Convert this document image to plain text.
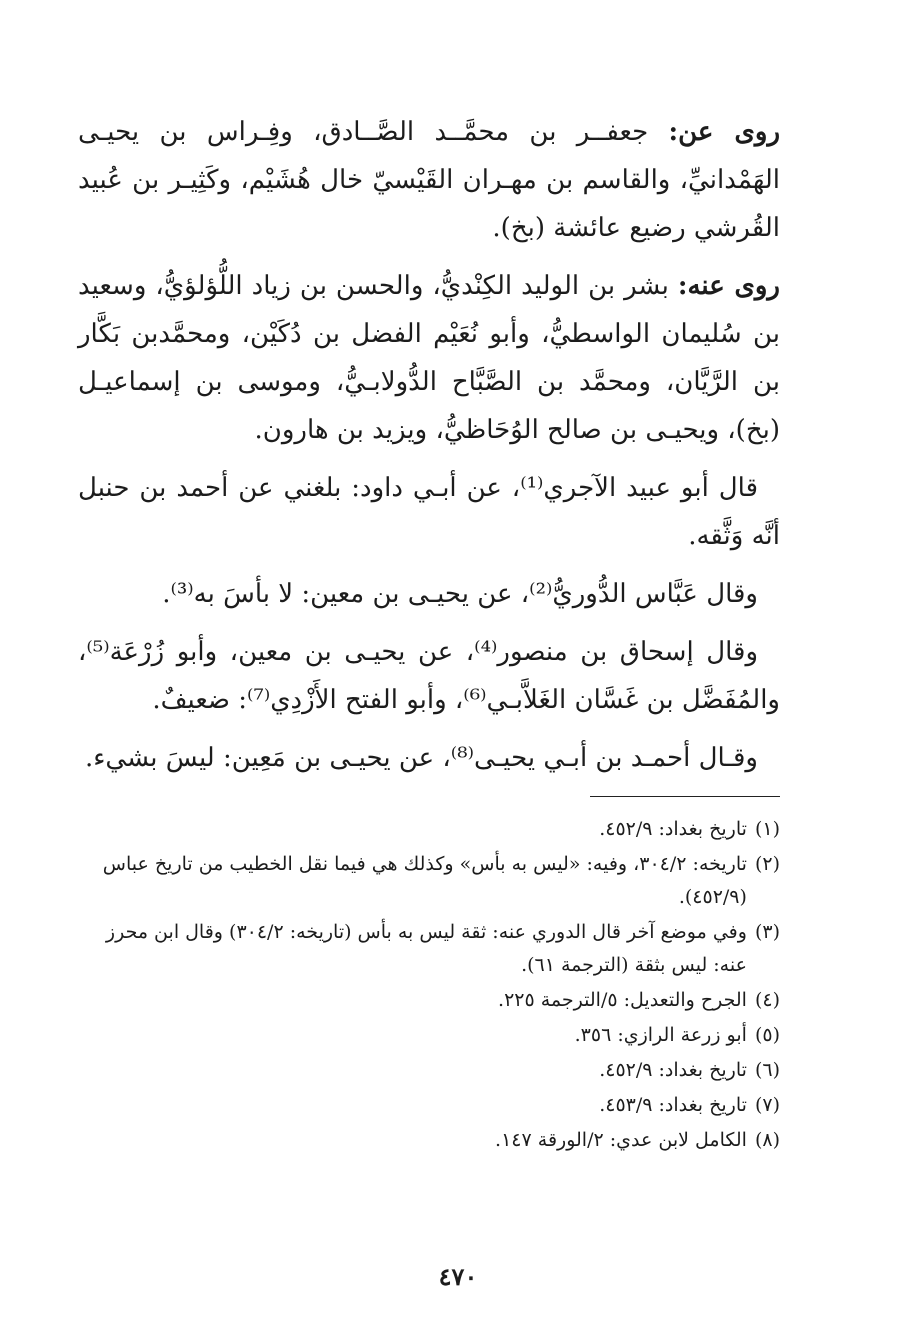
روى عن: جعفــر بن محمَّــد الصَّــادق، وفِـراس بن يحيـى الهَمْدانيِّ، والقاسم بن مهـران القَيْسيّ خال هُشَيْم، وكَثِيـر بن عُبيد القُرشي رضيع عائشة (بخ).

روى عنه: بشر بن الوليد الكِنْديُّ، والحسن بن زياد اللُّؤلؤيُّ، وسعيد بن سُليمان الواسطيُّ، وأبو نُعَيْم الفضل بن دُكَيْن، ومحمَّدبن بَكَّار بن الرَّيَّان، ومحمَّد بن الصَّبَّاح الدُّولابـيُّ، وموسى بن إسماعيـل (بخ)، ويحيـى بن صالح الوُحَاظيُّ، ويزيد بن هارون.

قال أبو عبيد الآجري⁽¹⁾، عن أبـي داود: بلغني عن أحمد بن حنبل أنَّه وَثَّقه.

وقال عَبَّاس الدُّوريُّ⁽²⁾، عن يحيـى بن معين: لا بأسَ به⁽³⁾.

وقال إسحاق بن منصور⁽⁴⁾، عن يحيـى بن معين، وأبو زُرْعَة⁽⁵⁾، والمُفَضَّل بن غَسَّان الغَلاَّبـي⁽⁶⁾، وأبو الفتح الأَزْدِي⁽⁷⁾: ضعيفٌ.

وقـال أحمـد بن أبـي يحيـى⁽⁸⁾، عن يحيـى بن مَعِين: ليسَ بشيء.

(١)
تاريخ بغداد: ٤٥٢/٩.
(٢)
تاريخه: ٣٠٤/٢، وفيه: «ليس به بأس» وكذلك هي فيما نقل الخطيب من تاريخ عباس (٤٥٢/٩).
(٣)
وفي موضع آخر قال الدوري عنه: ثقة ليس به بأس (تاريخه: ٣٠٤/٢) وقال ابن محرز عنه: ليس بثقة (الترجمة ٦١).
(٤)
الجرح والتعديل: ٥/الترجمة ٢٢٥.
(٥)
أبو زرعة الرازي: ٣٥٦.
(٦)
تاريخ بغداد: ٤٥٢/٩.
(٧)
تاريخ بغداد: ٤٥٣/٩.
(٨)
الكامل لابن عدي: ٢/الورقة ١٤٧.
٤٧٠
